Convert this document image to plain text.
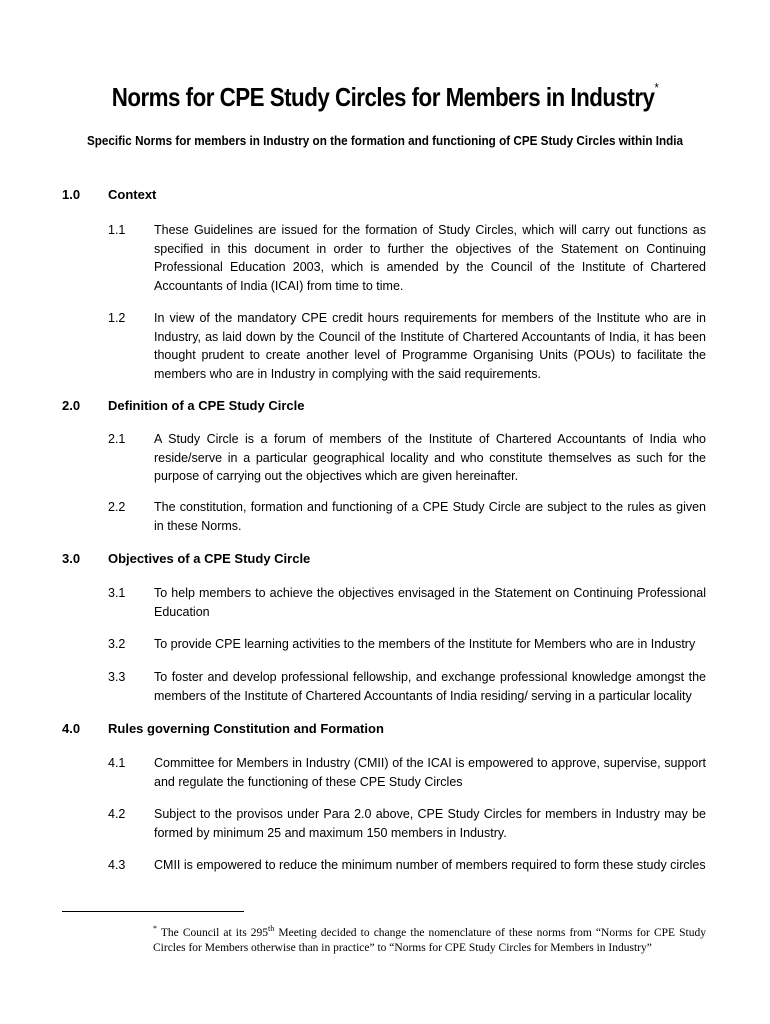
Norms for CPE Study Circles for Members in Industry*
Specific Norms for members in Industry on the formation and functioning of CPE Study Circles within India
1.0	Context
1.1	These Guidelines are issued for the formation of Study Circles, which will carry out functions as specified in this document in order to further the objectives of the Statement on Continuing Professional Education 2003, which is amended by the Council of the Institute of Chartered Accountants of India (ICAI) from time to time.
1.2	In view of the mandatory CPE credit hours requirements for members of the Institute who are in Industry, as laid down by the Council of the Institute of Chartered Accountants of India, it has been thought prudent to create another level of Programme Organising Units (POUs) to facilitate the members who are in Industry in complying with the said requirements.
2.0	Definition of a CPE Study Circle
2.1	A Study Circle is a forum of members of the Institute of Chartered Accountants of India who reside/serve in a particular geographical locality and who constitute themselves as such for the purpose of carrying out the objectives which are given hereinafter.
2.2	The constitution, formation and functioning of a CPE Study Circle are subject to the rules as given in these Norms.
3.0	Objectives of a CPE Study Circle
3.1	To help members to achieve the objectives envisaged in the Statement on Continuing Professional Education
3.2	To provide CPE learning activities to the members of the Institute for Members who are in Industry
3.3	To foster and develop professional fellowship, and exchange professional knowledge amongst the members of the Institute of Chartered Accountants of India residing/ serving in a particular locality
4.0	Rules governing Constitution and Formation
4.1	Committee for Members in Industry (CMII) of the ICAI is empowered to approve, supervise, support and regulate the functioning of these CPE Study Circles
4.2	Subject to the provisos under Para 2.0 above, CPE Study Circles for members in Industry may be formed by minimum 25 and maximum 150 members in Industry.
4.3	CMII is empowered to reduce the minimum number of members required to form these study circles
* The Council at its 295th Meeting decided to change the nomenclature of these norms from “Norms for CPE Study Circles for Members otherwise than in practice” to “Norms for CPE Study Circles for Members in Industry”
